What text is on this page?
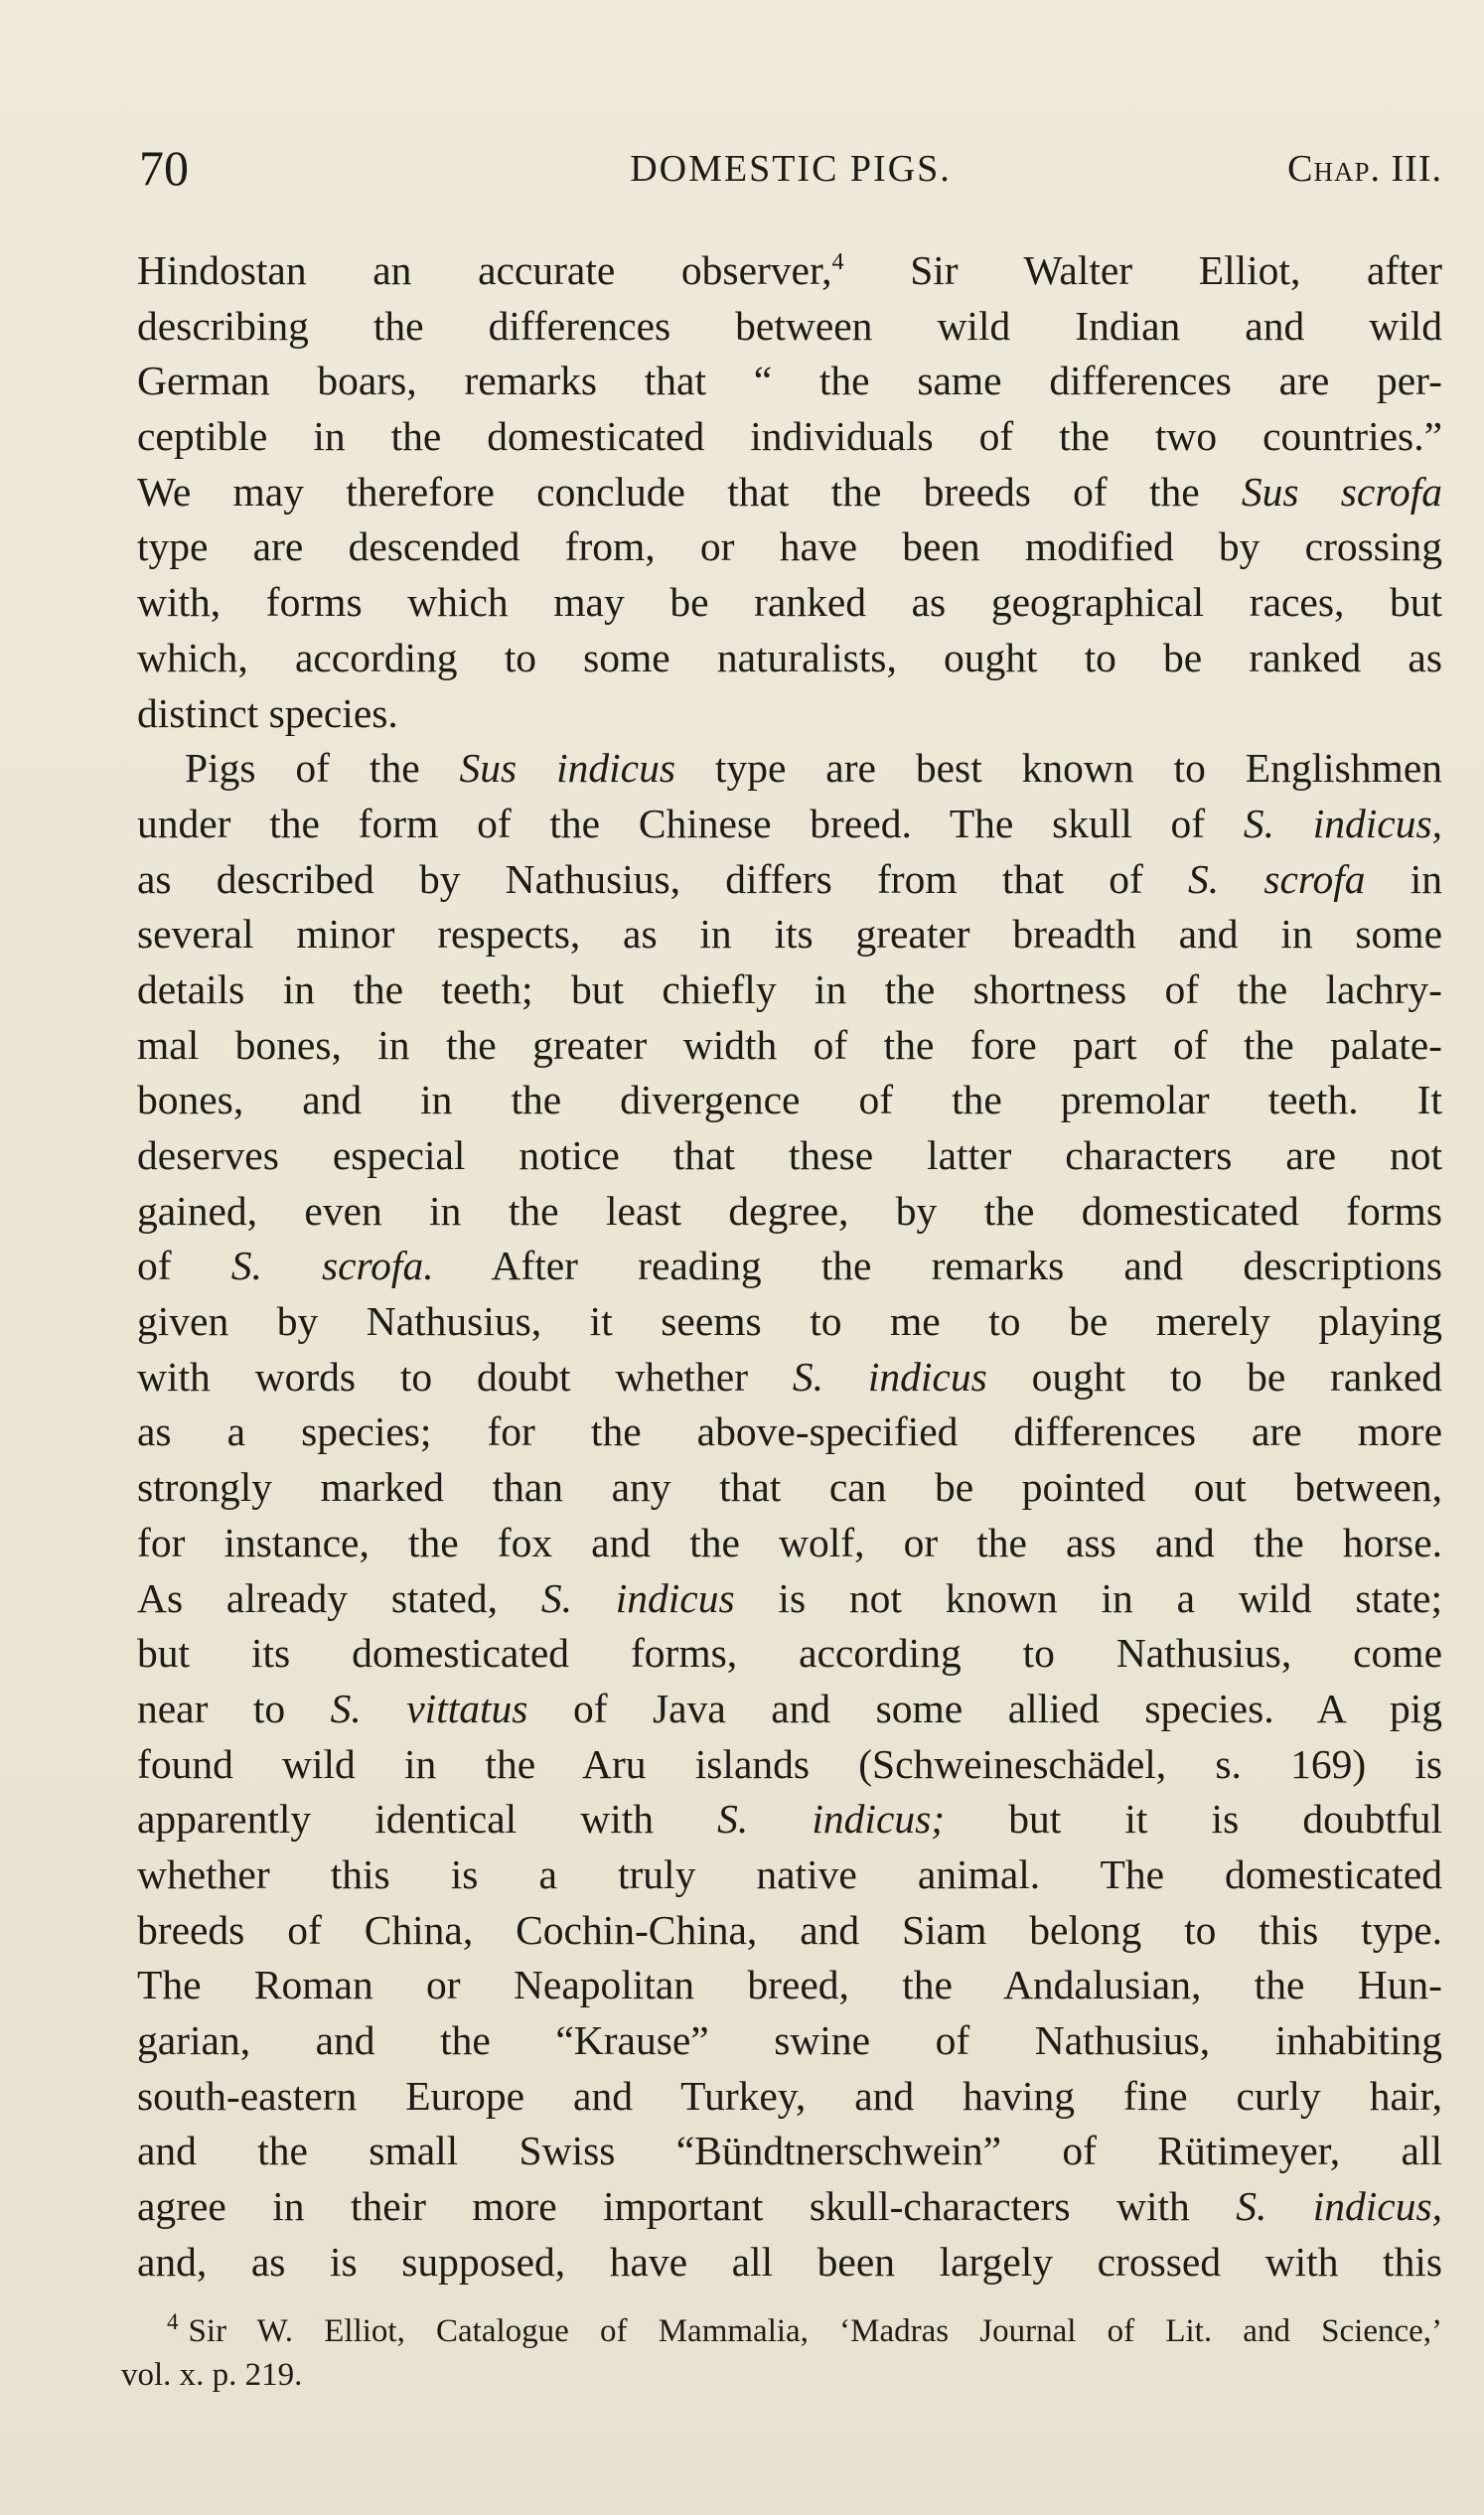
70	DOMESTIC PIGS.	Chap. III.
Hindostan an accurate observer,$^4$ Sir Walter Elliot, after
describing the differences between wild Indian and wild
German boars, remarks that “ the same differences are per-
ceptible in the domesticated individuals of the two countries.”
We may therefore conclude that the breeds of the Sus scrofa
type are descended from, or have been modified by crossing
with, forms which may be ranked as geographical races, but
which, according to some naturalists, ought to be ranked as
distinct species.
Pigs of the Sus indicus type are best known to Englishmen
under the form of the Chinese breed. The skull of S. indicus,
as described by Nathusius, differs from that of S. scrofa in
several minor respects, as in its greater breadth and in some
details in the teeth; but chiefly in the shortness of the lachry-
mal bones, in the greater width of the fore part of the palate-
bones, and in the divergence of the premolar teeth. It
deserves especial notice that these latter characters are not
gained, even in the least degree, by the domesticated forms
of S. scrofa. After reading the remarks and descriptions
given by Nathusius, it seems to me to be merely playing
with words to doubt whether S. indicus ought to be ranked
as a species; for the above-specified differences are more
strongly marked than any that can be pointed out between,
for instance, the fox and the wolf, or the ass and the horse.
As already stated, S. indicus is not known in a wild state;
but its domesticated forms, according to Nathusius, come
near to S. vittatus of Java and some allied species. A pig
found wild in the Aru islands (Schweineschädel, s. 169) is
apparently identical with S. indicus; but it is doubtful
whether this is a truly native animal. The domesticated
breeds of China, Cochin-China, and Siam belong to this type.
The Roman or Neapolitan breed, the Andalusian, the Hun-
garian, and the “Krause” swine of Nathusius, inhabiting
south-eastern Europe and Turkey, and having fine curly hair,
and the small Swiss “Bündtnerschwein” of Rütimeyer, all
agree in their more important skull-characters with S. indicus,
and, as is supposed, have all been largely crossed with this
$^4$ Sir W. Elliot, Catalogue of Mammalia, ‘Madras Journal of Lit. and Science,’
vol. x. p. 219.
